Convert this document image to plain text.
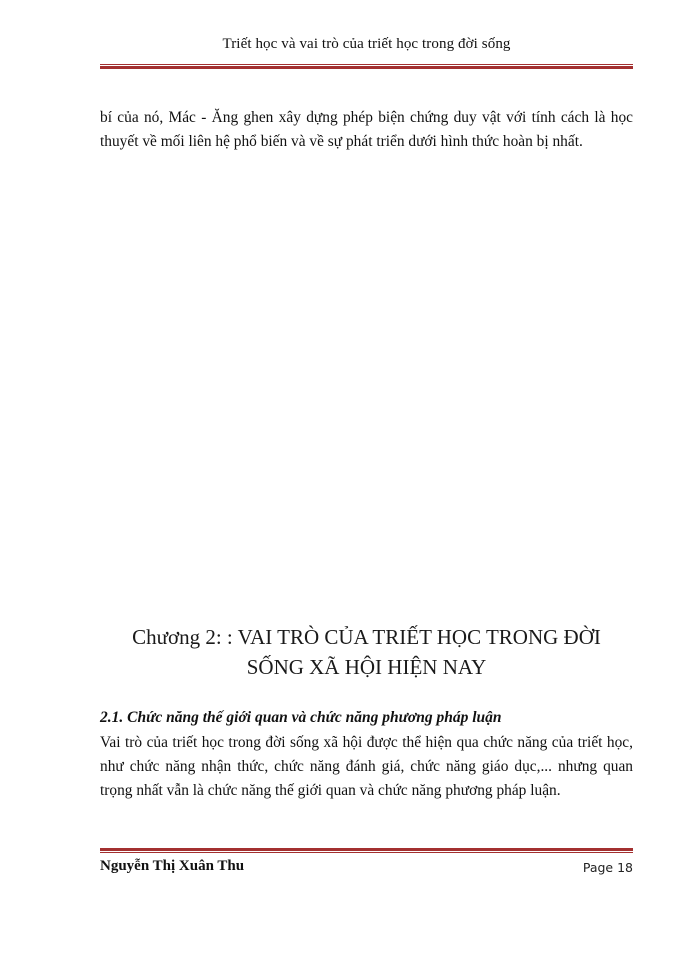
Triết học và vai trò của triết học trong đời sống

bí của nó, Mác - Ăng ghen xây dựng phép biện chứng duy vật với tính cách là học thuyết về mối liên hệ phổ biến và về sự phát triển dưới hình thức hoàn bị nhất.

Chương 2: : VAI TRÒ CỦA TRIẾT HỌC TRONG ĐỜI
SỐNG XÃ HỘI HIỆN NAY
2.1. Chức năng thế giới quan và chức năng phương pháp luận

Vai trò của triết học trong đời sống xã hội được thể hiện qua chức năng của triết học, như chức năng nhận thức, chức năng đánh giá, chức năng giáo dục,... nhưng quan trọng nhất vẫn là chức năng thế giới quan và chức năng phương pháp luận.

Nguyễn Thị Xuân Thu	Page 18
